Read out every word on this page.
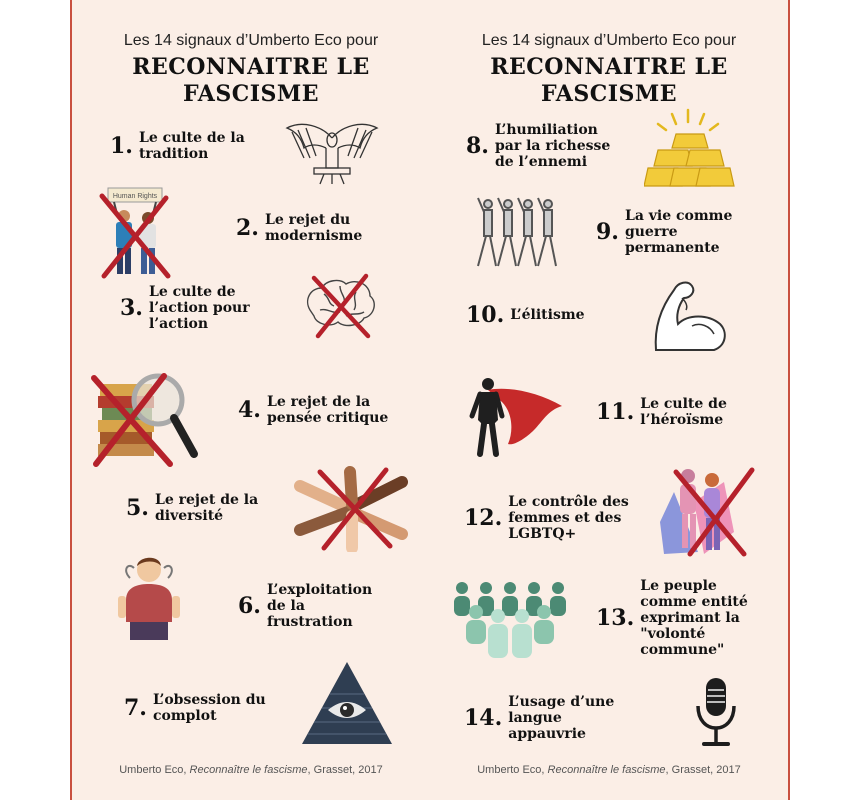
Les 14 signaux d’Umberto Eco pour
RECONNAITRE LE
FASCISME
1. Le culte de la
tradition
Human Rights
2. Le rejet du
modernisme
3.
Le culte de
l’action pour
l’action
4. Le rejet de la
pensée critique
5. Le rejet de la
diversité
6.
L’exploitation
de la
frustration
7. L’obsession du
complot
Umberto Eco, Reconnaître le fascisme, Grasset, 2017
Les 14 signaux d’Umberto Eco pour
RECONNAITRE LE
FASCISME
8.
L’humiliation
par la richesse
de l’ennemi
9.
La vie comme
guerre
permanente
10. L’élitisme
11. Le culte de
l’héroïsme
12.
Le contrôle des
femmes et des
LGBTQ+
13.
Le peuple
comme entité
exprimant la
"volonté
commune"
14.
L’usage d’une
langue
appauvrie
Umberto Eco, Reconnaître le fascisme, Grasset, 2017
